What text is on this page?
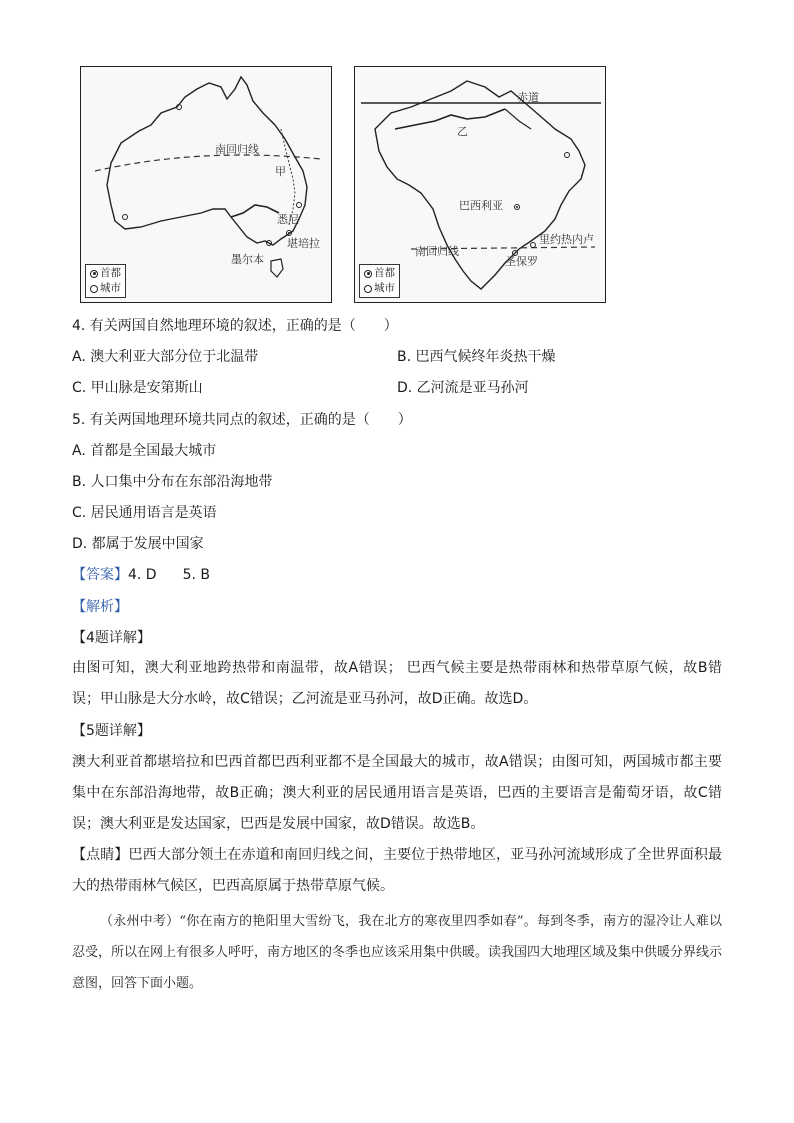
南回归线
甲
悉尼
堪培拉
墨尔本
首都
城市
赤道
乙
巴西利亚
里约热内卢
南回归线
圣保罗
首都
城市
4. 有关两国自然地理环境的叙述，正确的是（　　）
A. 澳大利亚大部分位于北温带	B. 巴西气候终年炎热干燥
C. 甲山脉是安第斯山	D. 乙河流是亚马孙河
5. 有关两国地理环境共同点的叙述，正确的是（　　）
A. 首都是全国最大城市
B. 人口集中分布在东部沿海地带
C. 居民通用语言是英语
D. 都属于发展中国家
【答案】4. D 5. B
【解析】
【4题详解】
由图可知，澳大利亚地跨热带和南温带，故A错误； 巴西气候主要是热带雨林和热带草原气候，故B错误；甲山脉是大分水岭，故C错误；乙河流是亚马孙河，故D正确。故选D。
【5题详解】
澳大利亚首都堪培拉和巴西首都巴西利亚都不是全国最大的城市，故A错误；由图可知，两国城市都主要集中在东部沿海地带，故B正确；澳大利亚的居民通用语言是英语，巴西的主要语言是葡萄牙语，故C错误；澳大利亚是发达国家，巴西是发展中国家，故D错误。故选B。
【点睛】巴西大部分领土在赤道和南回归线之间，主要位于热带地区，亚马孙河流域形成了全世界面积最大的热带雨林气候区，巴西高原属于热带草原气候。
（永州中考）“你在南方的艳阳里大雪纷飞，我在北方的寒夜里四季如春”。每到冬季，南方的湿冷让人难以忍受，所以在网上有很多人呼吁，南方地区的冬季也应该采用集中供暖。读我国四大地理区域及集中供暖分界线示意图，回答下面小题。
